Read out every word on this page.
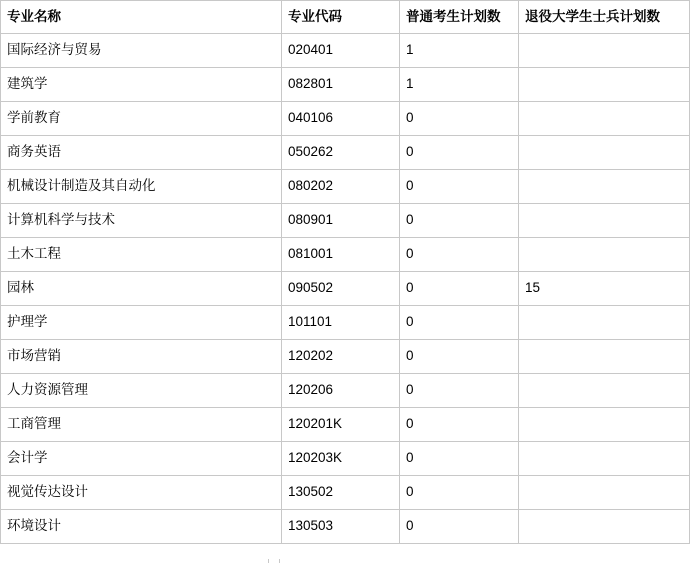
专业名称	专业代码	普通考生计划数	退役大学生士兵计划数
国际经济与贸易	020401	1	
建筑学	082801	1	
学前教育	040106	0	
商务英语	050262	0	
机械设计制造及其自动化	080202	0	
计算机科学与技术	080901	0	
土木工程	081001	0	
园林	090502	0	15
护理学	101101	0	
市场营销	120202	0	
人力资源管理	120206	0	
工商管理	120201K	0	
会计学	120203K	0	
视觉传达设计	130502	0	
环境设计	130503	0	
